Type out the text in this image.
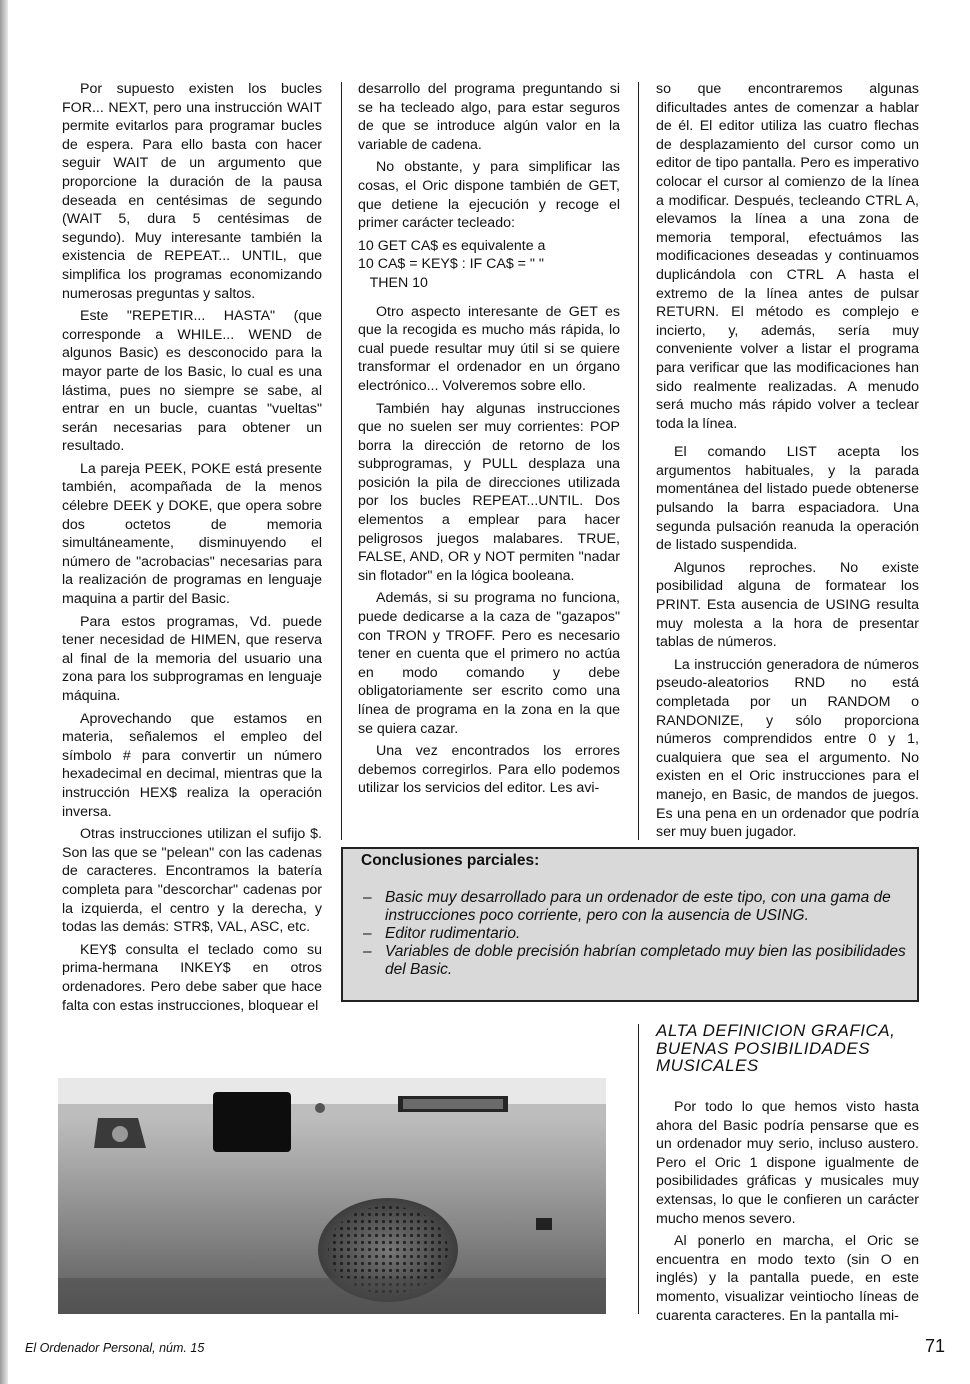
Por supuesto existen los bucles FOR... NEXT, pero una instrucción WAIT permite evitarlos para programar bucles de espera. Para ello basta con hacer seguir WAIT de un argumento que proporcione la duración de la pausa deseada en centésimas de segundo (WAIT 5, dura 5 centésimas de segundo). Muy interesante también la existencia de REPEAT... UNTIL, que simplifica los programas economizando numerosas preguntas y saltos.

Este "REPETIR... HASTA" (que corresponde a WHILE... WEND de algunos Basic) es desconocido para la mayor parte de los Basic, lo cual es una lástima, pues no siempre se sabe, al entrar en un bucle, cuantas "vueltas" serán necesarias para obtener un resultado.

La pareja PEEK, POKE está presente también, acompañada de la menos célebre DEEK y DOKE, que opera sobre dos octetos de memoria simultáneamente, disminuyendo el número de "acrobacias" necesarias para la realización de programas en lenguaje maquina a partir del Basic.

Para estos programas, Vd. puede tener necesidad de HIMEN, que reserva al final de la memoria del usuario una zona para los subprogramas en lenguaje máquina.

Aprovechando que estamos en materia, señalemos el empleo del símbolo # para convertir un número hexadecimal en decimal, mientras que la instrucción HEX$ realiza la operación inversa.

Otras instrucciones utilizan el sufijo $. Son las que se "pelean" con las cadenas de caracteres. Encontramos la batería completa para "descorchar" cadenas por la izquierda, el centro y la derecha, y todas las demás: STR$, VAL, ASC, etc.

KEY$ consulta el teclado como su prima-hermana INKEY$ en otros ordenadores. Pero debe saber que hace falta con estas instrucciones, bloquear el

desarrollo del programa preguntando si se ha tecleado algo, para estar seguros de que se introduce algún valor en la variable de cadena.

No obstante, y para simplificar las cosas, el Oric dispone también de GET, que detiene la ejecución y recoge el primer carácter tecleado:

10 GET CA$ es equivalente a
10 CA$ = KEY$ : IF CA$ = " "
THEN 10

Otro aspecto interesante de GET es que la recogida es mucho más rápida, lo cual puede resultar muy útil si se quiere transformar el ordenador en un órgano electrónico... Volveremos sobre ello.

También hay algunas instrucciones que no suelen ser muy corrientes: POP borra la dirección de retorno de los subprogramas, y PULL desplaza una posición la pila de direcciones utilizada por los bucles REPEAT...UNTIL. Dos elementos a emplear para hacer peligrosos juegos malabares. TRUE, FALSE, AND, OR y NOT permiten "nadar sin flotador" en la lógica booleana.

Además, si su programa no funciona, puede dedicarse a la caza de "gazapos" con TRON y TROFF. Pero es necesario tener en cuenta que el primero no actúa en modo comando y debe obligatoriamente ser escrito como una línea de programa en la zona en la que se quiera cazar.

Una vez encontrados los errores debemos corregirlos. Para ello podemos utilizar los servicios del editor. Les avi-

so que encontraremos algunas dificultades antes de comenzar a hablar de él. El editor utiliza las cuatro flechas de desplazamiento del cursor como un editor de tipo pantalla. Pero es imperativo colocar el cursor al comienzo de la línea a modificar. Después, tecleando CTRL A, elevamos la línea a una zona de memoria temporal, efectuámos las modificaciones deseadas y continuamos duplicándola con CTRL A hasta el extremo de la línea antes de pulsar RETURN. El método es complejo e incierto, y, además, sería muy conveniente volver a listar el programa para verificar que las modificaciones han sido realmente realizadas. A menudo será mucho más rápido volver a teclear toda la línea.

El comando LIST acepta los argumentos habituales, y la parada momentánea del listado puede obtenerse pulsando la barra espaciadora. Una segunda pulsación reanuda la operación de listado suspendida.

Algunos reproches. No existe posibilidad alguna de formatear los PRINT. Esta ausencia de USING resulta muy molesta a la hora de presentar tablas de números.

La instrucción generadora de números pseudo-aleatorios RND no está completada por un RANDOM o RANDONIZE, y sólo proporciona números comprendidos entre 0 y 1, cualquiera que sea el argumento. No existen en el Oric instrucciones para el manejo, en Basic, de mandos de juegos. Es una pena en un ordenador que podría ser muy buen jugador.

Conclusiones parciales:
– Basic muy desarrollado para un ordenador de este tipo, con una gama de instrucciones poco corriente, pero con la ausencia de USING.
– Editor rudimentario.
– Variables de doble precisión habrían completado muy bien las posibilidades del Basic.
ALTA DEFINICION GRAFICA, BUENAS POSIBILIDADES MUSICALES

Por todo lo que hemos visto hasta ahora del Basic podría pensarse que es un ordenador muy serio, incluso austero. Pero el Oric 1 dispone igualmente de posibilidades gráficas y musicales muy extensas, lo que le confieren un carácter mucho menos severo.

Al ponerlo en marcha, el Oric se encuentra en modo texto (sin O en inglés) y la pantalla puede, en este momento, visualizar veintiocho líneas de cuarenta caracteres. En la pantalla mi-

El Ordenador Personal, núm. 15	71
